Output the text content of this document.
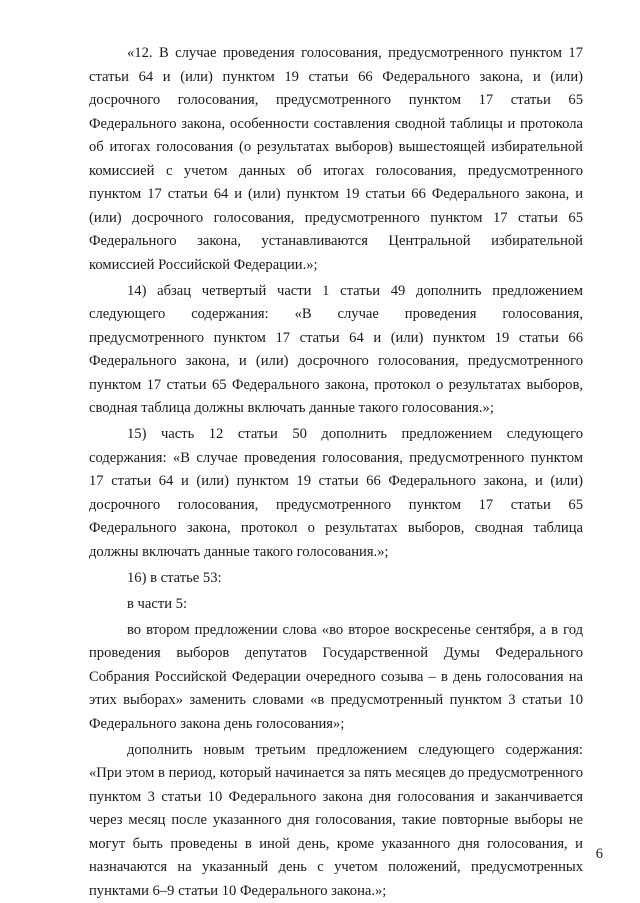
«12. В случае проведения голосования, предусмотренного пунктом 17 статьи 64 и (или) пунктом 19 статьи 66 Федерального закона, и (или) досрочного голосования, предусмотренного пунктом 17 статьи 65 Федерального закона, особенности составления сводной таблицы и протокола об итогах голосования (о результатах выборов) вышестоящей избирательной комиссией с учетом данных об итогах голосования, предусмотренного пунктом 17 статьи 64 и (или) пунктом 19 статьи 66 Федерального закона, и (или) досрочного голосования, предусмотренного пунктом 17 статьи 65 Федерального закона, устанавливаются Центральной избирательной комиссией Российской Федерации.»;

14) абзац четвертый части 1 статьи 49 дополнить предложением следующего содержания: «В случае проведения голосования, предусмотренного пунктом 17 статьи 64 и (или) пунктом 19 статьи 66 Федерального закона, и (или) досрочного голосования, предусмотренного пунктом 17 статьи 65 Федерального закона, протокол о результатах выборов, сводная таблица должны включать данные такого голосования.»;

15) часть 12 статьи 50 дополнить предложением следующего содержания: «В случае проведения голосования, предусмотренного пунктом 17 статьи 64 и (или) пунктом 19 статьи 66 Федерального закона, и (или) досрочного голосования, предусмотренного пунктом 17 статьи 65 Федерального закона, протокол о результатах выборов, сводная таблица должны включать данные такого голосования.»;

16) в статье 53:

в части 5:

во втором предложении слова «во второе воскресенье сентября, а в год проведения выборов депутатов Государственной Думы Федерального Собрания Российской Федерации очередного созыва – в день голосования на этих выборах» заменить словами «в предусмотренный пунктом 3 статьи 10 Федерального закона день голосования»;

дополнить новым третьим предложением следующего содержания: «При этом в период, который начинается за пять месяцев до предусмотренного пунктом 3 статьи 10 Федерального закона дня голосования и заканчивается через месяц после указанного дня голосования, такие повторные выборы не могут быть проведены в иной день, кроме указанного дня голосования, и назначаются на указанный день с учетом положений, предусмотренных пунктами 6–9 статьи 10 Федерального закона.»;

6
